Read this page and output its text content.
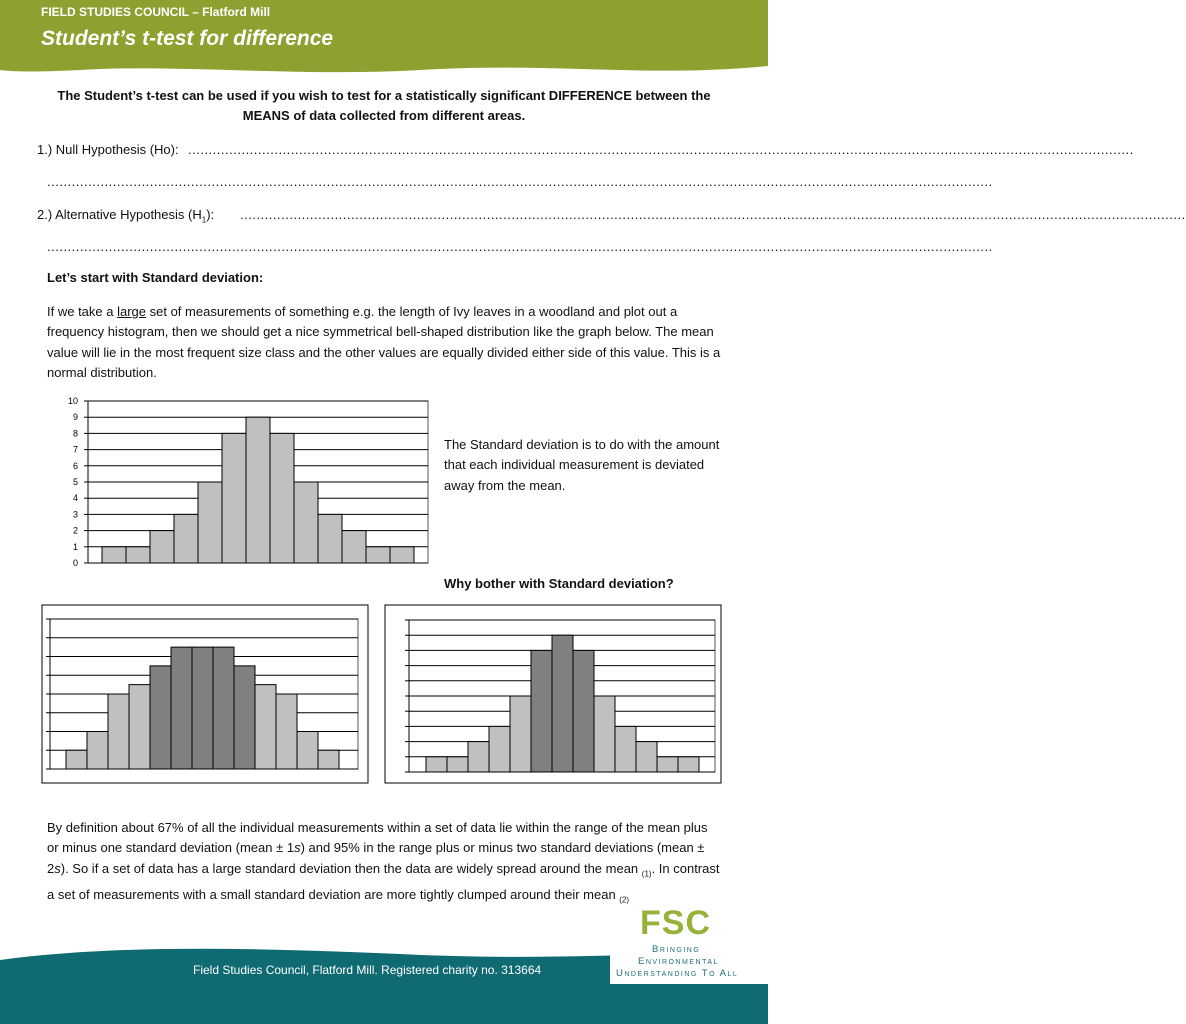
FIELD STUDIES COUNCIL – Flatford Mill
Student’s t-test for difference
The Student’s t-test can be used if you wish to test for a statistically significant DIFFERENCE between the MEANS of data collected from different areas.
1.) Null Hypothesis (Ho): ......................................................................................................................................................................................................................................
......................................................................................................................................................................................................................................
2.) Alternative Hypothesis $(H_1)$: ......................................................................................................................................................................................................................................
......................................................................................................................................................................................................................................
Let’s start with Standard deviation:
If we take a large set of measurements of something e.g. the length of Ivy leaves in a woodland and plot out a frequency histogram, then we should get a nice symmetrical bell-shaped distribution like the graph below. The mean value will lie in the most frequent size class and the other values are equally divided either side of this value. This is a normal distribution.
0
1
2
3
4
5
6
7
8
9
10
The Standard deviation is to do with the amount that each individual measurement is deviated away from the mean.
Why bother with Standard deviation?
By definition about 67% of all the individual measurements within a set of data lie within the range of the mean plus or minus one standard deviation (mean ± 1s) and 95% in the range plus or minus two standard deviations (mean ± 2s). So if a set of data has a large standard deviation then the data are widely spread around the mean $_{(1)}$. In contrast a set of measurements with a small standard deviation are more tightly clumped around their mean $_{(2)}$
Field Studies Council, Flatford Mill. Registered charity no. 313664
FSC
Bringing
Environmental
Understanding To All
